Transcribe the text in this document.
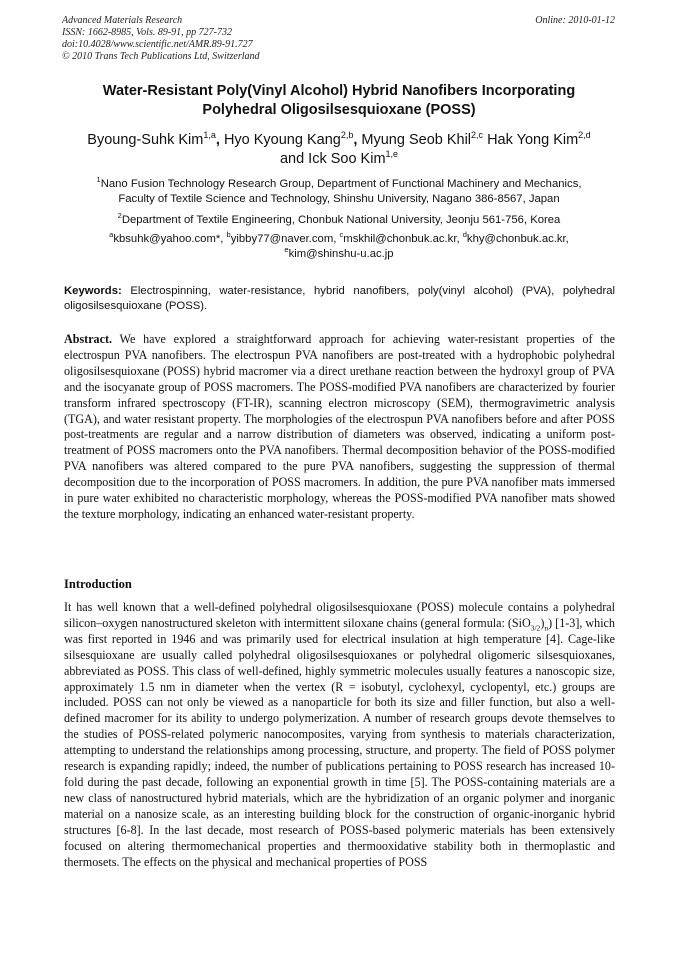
Advanced Materials Research
ISSN: 1662-8985, Vols. 89-91, pp 727-732
doi:10.4028/www.scientific.net/AMR.89-91.727
© 2010 Trans Tech Publications Ltd, Switzerland
Online: 2010-01-12
Water-Resistant Poly(Vinyl Alcohol) Hybrid Nanofibers Incorporating
Polyhedral Oligosilsesquioxane (POSS)
Byoung-Suhk Kim$^{1,a}$, Hyo Kyoung Kang$^{2,b}$, Myung Seob Khil$^{2,c}$ Hak Yong Kim$^{2,d}$
and Ick Soo Kim$^{1,e}$
$^1$Nano Fusion Technology Research Group, Department of Functional Machinery and Mechanics,
Faculty of Textile Science and Technology, Shinshu University, Nagano 386-8567, Japan
$^2$Department of Textile Engineering, Chonbuk National University, Jeonju 561-756, Korea
$^a$kbsuhk@yahoo.com*, $^b$yibby77@naver.com, $^c$mskhil@chonbuk.ac.kr, $^d$khy@chonbuk.ac.kr,
$^e$kim@shinshu-u.ac.jp
Keywords: Electrospinning, water-resistance, hybrid nanofibers, poly(vinyl alcohol) (PVA), polyhedral oligosilsesquioxane (POSS).
Abstract. We have explored a straightforward approach for achieving water-resistant properties of the electrospun PVA nanofibers. The electrospun PVA nanofibers are post-treated with a hydrophobic polyhedral oligosilsesquioxane (POSS) hybrid macromer via a direct urethane reaction between the hydroxyl group of PVA and the isocyanate group of POSS macromers. The POSS-modified PVA nanofibers are characterized by fourier transform infrared spectroscopy (FT-IR), scanning electron microscopy (SEM), thermogravimetric analysis (TGA), and water resistant property. The morphologies of the electrospun PVA nanofibers before and after POSS post-treatments are regular and a narrow distribution of diameters was observed, indicating a uniform post-treatment of POSS macromers onto the PVA nanofibers. Thermal decomposition behavior of the POSS-modified PVA nanofibers was altered compared to the pure PVA nanofibers, suggesting the suppression of thermal decomposition due to the incorporation of POSS macromers. In addition, the pure PVA nanofiber mats immersed in pure water exhibited no characteristic morphology, whereas the POSS-modified PVA nanofiber mats showed the texture morphology, indicating an enhanced water-resistant property.
Introduction
It has well known that a well-defined polyhedral oligosilsesquioxane (POSS) molecule contains a polyhedral silicon–oxygen nanostructured skeleton with intermittent siloxane chains (general formula: $(SiO_{3/2})_n$) [1-3], which was first reported in 1946 and was primarily used for electrical insulation at high temperature [4]. Cage-like silsesquioxane are usually called polyhedral oligosilsesquioxanes or polyhedral oligomeric silsesquioxanes, abbreviated as POSS. This class of well-defined, highly symmetric molecules usually features a nanoscopic size, approximately 1.5 nm in diameter when the vertex (R = isobutyl, cyclohexyl, cyclopentyl, etc.) groups are included. POSS can not only be viewed as a nanoparticle for both its size and filler function, but also a well-defined macromer for its ability to undergo polymerization. A number of research groups devote themselves to the studies of POSS-related polymeric nanocomposites, varying from synthesis to materials characterization, attempting to understand the relationships among processing, structure, and property. The field of POSS polymer research is expanding rapidly; indeed, the number of publications pertaining to POSS research has increased 10-fold during the past decade, following an exponential growth in time [5]. The POSS-containing materials are a new class of nanostructured hybrid materials, which are the hybridization of an organic polymer and inorganic material on a nanosize scale, as an interesting building block for the construction of organic-inorganic hybrid structures [6-8]. In the last decade, most research of POSS-based polymeric materials has been extensively focused on altering thermomechanical properties and thermooxidative stability both in thermoplastic and thermosets. The effects on the physical and mechanical properties of POSS
